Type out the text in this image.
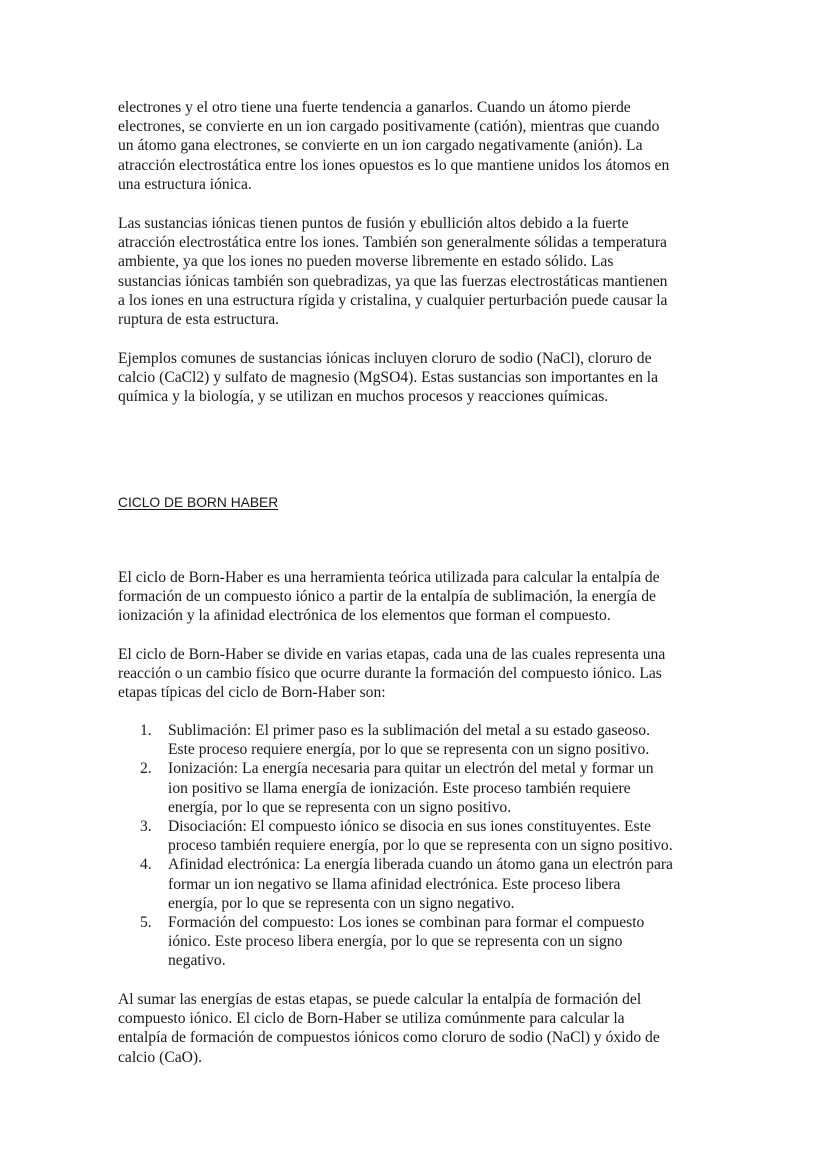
electrones y el otro tiene una fuerte tendencia a ganarlos. Cuando un átomo pierde
electrones, se convierte en un ion cargado positivamente (catión), mientras que cuando
un átomo gana electrones, se convierte en un ion cargado negativamente (anión). La
atracción electrostática entre los iones opuestos es lo que mantiene unidos los átomos en
una estructura iónica.

Las sustancias iónicas tienen puntos de fusión y ebullición altos debido a la fuerte
atracción electrostática entre los iones. También son generalmente sólidas a temperatura
ambiente, ya que los iones no pueden moverse libremente en estado sólido. Las
sustancias iónicas también son quebradizas, ya que las fuerzas electrostáticas mantienen
a los iones en una estructura rígida y cristalina, y cualquier perturbación puede causar la
ruptura de esta estructura.

Ejemplos comunes de sustancias iónicas incluyen cloruro de sodio (NaCl), cloruro de
calcio (CaCl2) y sulfato de magnesio (MgSO4). Estas sustancias son importantes en la
química y la biología, y se utilizan en muchos procesos y reacciones químicas.

CICLO DE BORN HABER

El ciclo de Born-Haber es una herramienta teórica utilizada para calcular la entalpía de
formación de un compuesto iónico a partir de la entalpía de sublimación, la energía de
ionización y la afinidad electrónica de los elementos que forman el compuesto.

El ciclo de Born-Haber se divide en varias etapas, cada una de las cuales representa una
reacción o un cambio físico que ocurre durante la formación del compuesto iónico. Las
etapas típicas del ciclo de Born-Haber son:

1. Sublimación: El primer paso es la sublimación del metal a su estado gaseoso.
Este proceso requiere energía, por lo que se representa con un signo positivo.
2. Ionización: La energía necesaria para quitar un electrón del metal y formar un
ion positivo se llama energía de ionización. Este proceso también requiere
energía, por lo que se representa con un signo positivo.
3. Disociación: El compuesto iónico se disocia en sus iones constituyentes. Este
proceso también requiere energía, por lo que se representa con un signo positivo.
4. Afinidad electrónica: La energía liberada cuando un átomo gana un electrón para
formar un ion negativo se llama afinidad electrónica. Este proceso libera
energía, por lo que se representa con un signo negativo.
5. Formación del compuesto: Los iones se combinan para formar el compuesto
iónico. Este proceso libera energía, por lo que se representa con un signo
negativo.

Al sumar las energías de estas etapas, se puede calcular la entalpía de formación del
compuesto iónico. El ciclo de Born-Haber se utiliza comúnmente para calcular la
entalpía de formación de compuestos iónicos como cloruro de sodio (NaCl) y óxido de
calcio (CaO).
